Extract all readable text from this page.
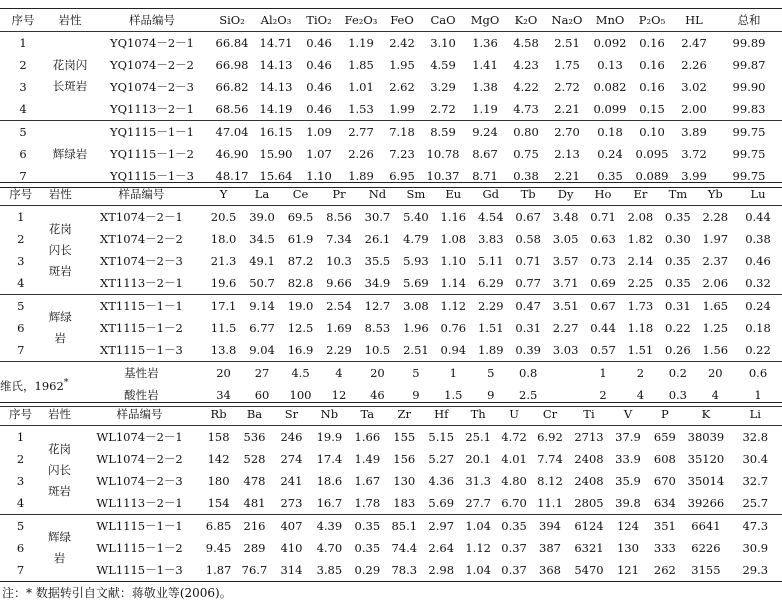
序号	岩性	样品编号	SiO₂	Al₂O₃	TiO₂	Fe₂O₃	FeO	CaO	MgO	K₂O	Na₂O	MnO	P₂O₅	HL	总和
1	花岗闪长斑岩	YQ1074－2－1	66.84	14.71	0.46	1.19	2.42	3.10	1.36	4.58	2.51	0.092	0.16	2.47	99.89
2		YQ1074－2－2	66.98	14.13	0.46	1.85	1.95	4.59	1.41	4.23	1.75	0.13	0.16	2.26	99.87
3		YQ1074－2－3	66.82	14.13	0.46	1.01	2.62	3.29	1.38	4.22	2.72	0.082	0.16	3.02	99.90
4		YQ1113－2－1	68.56	14.19	0.46	1.53	1.99	2.72	1.19	4.73	2.21	0.099	0.15	2.00	99.83
5	辉绿岩	YQ1115－1－1	47.04	16.15	1.09	2.77	7.18	8.59	9.24	0.80	2.70	0.18	0.10	3.89	99.75
6		YQ1115－1－2	46.90	15.90	1.07	2.26	7.23	10.78	8.67	0.75	2.13	0.24	0.095	3.72	99.75
7		YQ1115－1－3	48.17	15.64	1.10	1.89	6.95	10.37	8.71	0.38	2.21	0.35	0.089	3.99	99.75
序号	岩性	样品编号	Y	La	Ce	Pr	Nd	Sm	Eu	Gd	Tb	Dy	Ho	Er	Tm	Yb	Lu
1	花岗闪长斑岩	XT1074－2－1	20.5	39.0	69.5	8.56	30.7	5.40	1.16	4.54	0.67	3.48	0.71	2.08	0.35	2.28	0.44
2		XT1074－2－2	18.0	34.5	61.9	7.34	26.1	4.79	1.08	3.83	0.58	3.05	0.63	1.82	0.30	1.97	0.38
3		XT1074－2－3	21.3	49.1	87.2	10.3	35.5	5.93	1.10	5.11	0.71	3.57	0.73	2.14	0.35	2.37	0.46
4		XT1113－2－1	19.6	50.7	82.8	9.66	34.9	5.69	1.14	6.29	0.77	3.71	0.69	2.25	0.35	2.06	0.32
5	辉绿岩	XT1115－1－1	17.1	9.14	19.0	2.54	12.7	3.08	1.12	2.29	0.47	3.51	0.67	1.73	0.31	1.65	0.24
6		XT1115－1－2	11.5	6.77	12.5	1.69	8.53	1.96	0.76	1.51	0.31	2.27	0.44	1.18	0.22	1.25	0.18
7		XT1115－1－3	13.8	9.04	16.9	2.29	10.5	2.51	0.94	1.89	0.39	3.03	0.57	1.51	0.26	1.56	0.22
维氏，1962*		基性岩	20	27	4.5	4	20	5	1	5	0.8		1	2	0.2	20	0.6
		酸性岩	34	60	100	12	46	9	1.5	9	2.5		2	4	0.3	4	1
序号	岩性	样品编号	Rb	Ba	Sr	Nb	Ta	Zr	Hf	Th	U	Cr	Ti	V	P	K	Li
1	花岗闪长斑岩	WL1074－2－1	158	536	246	19.9	1.66	155	5.15	25.1	4.72	6.92	2713	37.9	659	38039	32.8
2		WL1074－2－2	142	528	274	17.4	1.49	156	5.27	20.1	4.01	7.74	2408	33.9	608	35120	30.4
3		WL1074－2－3	180	478	241	18.6	1.67	130	4.36	31.3	4.80	8.12	2408	35.9	670	35014	32.7
4		WL1113－2－1	154	481	273	16.7	1.78	183	5.69	27.7	6.70	11.1	2805	39.8	634	39266	25.7
5	辉绿岩	WL1115－1－1	6.85	216	407	4.39	0.35	85.1	2.97	1.04	0.35	394	6124	124	351	6641	47.3
6		WL1115－1－2	9.45	289	410	4.70	0.35	74.4	2.64	1.12	0.37	387	6321	130	333	6226	30.9
7		WL1115－1－3	1.87	76.7	314	3.85	0.29	78.3	2.98	1.04	0.37	368	5470	121	262	3155	29.3
注：* 数据转引自文献：蒋敬业等(2006)。
